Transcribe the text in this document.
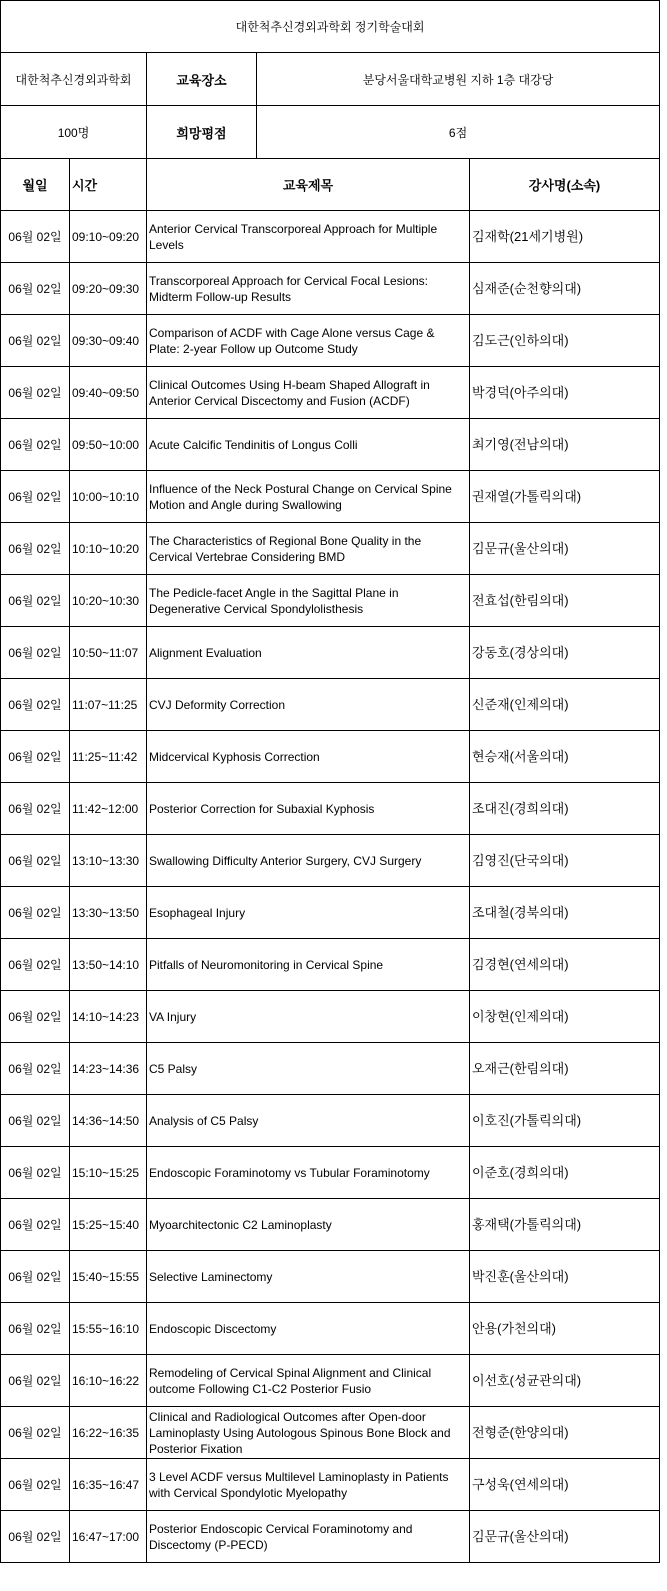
대한척추신경외과학회 정기학술대회				
대한척추신경외과학회		교육장소	분당서울대학교병원 지하 1층 대강당	
100명		희망평점	6점	
월일	시간	교육제목		강사명(소속)
06월 02일	09:10~09:20	Anterior Cervical Transcorporeal Approach for Multiple Levels		김재학(21세기병원)
06월 02일	09:20~09:30	Transcorporeal Approach for Cervical Focal Lesions: Midterm Follow-up Results		심재준(순천향의대)
06월 02일	09:30~09:40	Comparison of ACDF with Cage Alone versus Cage & Plate: 2-year Follow up Outcome Study		김도근(인하의대)
06월 02일	09:40~09:50	Clinical Outcomes Using H-beam Shaped Allograft in Anterior Cervical Discectomy and Fusion (ACDF)		박경덕(아주의대)
06월 02일	09:50~10:00	Acute Calcific Tendinitis of Longus Colli		최기영(전남의대)
06월 02일	10:00~10:10	Influence of the Neck Postural Change on Cervical Spine Motion and Angle during Swallowing		권재열(가톨릭의대)
06월 02일	10:10~10:20	The Characteristics of Regional Bone Quality in the Cervical Vertebrae Considering BMD		김문규(울산의대)
06월 02일	10:20~10:30	The Pedicle-facet Angle in the Sagittal Plane in Degenerative Cervical Spondylolisthesis		전효섭(한림의대)
06월 02일	10:50~11:07	Alignment Evaluation		강동호(경상의대)
06월 02일	11:07~11:25	CVJ Deformity Correction		신준재(인제의대)
06월 02일	11:25~11:42	Midcervical Kyphosis Correction		현승재(서울의대)
06월 02일	11:42~12:00	Posterior Correction for Subaxial Kyphosis		조대진(경희의대)
06월 02일	13:10~13:30	Swallowing Difficulty Anterior Surgery, CVJ Surgery		김영진(단국의대)
06월 02일	13:30~13:50	Esophageal Injury		조대철(경북의대)
06월 02일	13:50~14:10	Pitfalls of Neuromonitoring in Cervical Spine		김경현(연세의대)
06월 02일	14:10~14:23	VA Injury		이창현(인제의대)
06월 02일	14:23~14:36	C5 Palsy		오재근(한림의대)
06월 02일	14:36~14:50	Analysis of C5 Palsy		이호진(가톨릭의대)
06월 02일	15:10~15:25	Endoscopic Foraminotomy vs Tubular Foraminotomy		이준호(경희의대)
06월 02일	15:25~15:40	Myoarchitectonic C2 Laminoplasty		홍재택(가톨릭의대)
06월 02일	15:40~15:55	Selective Laminectomy		박진훈(울산의대)
06월 02일	15:55~16:10	Endoscopic Discectomy		안용(가천의대)
06월 02일	16:10~16:22	Remodeling of Cervical Spinal Alignment and Clinical outcome Following C1-C2 Posterior Fusio		이선호(성균관의대)
06월 02일	16:22~16:35	Clinical and Radiological Outcomes after Open-door Laminoplasty Using Autologous Spinous Bone Block and Posterior Fixation		전형준(한양의대)
06월 02일	16:35~16:47	3 Level ACDF versus Multilevel Laminoplasty in Patients with Cervical Spondylotic Myelopathy		구성욱(연세의대)
06월 02일	16:47~17:00	Posterior Endoscopic Cervical Foraminotomy and Discectomy (P-PECD)		김문규(울산의대)
